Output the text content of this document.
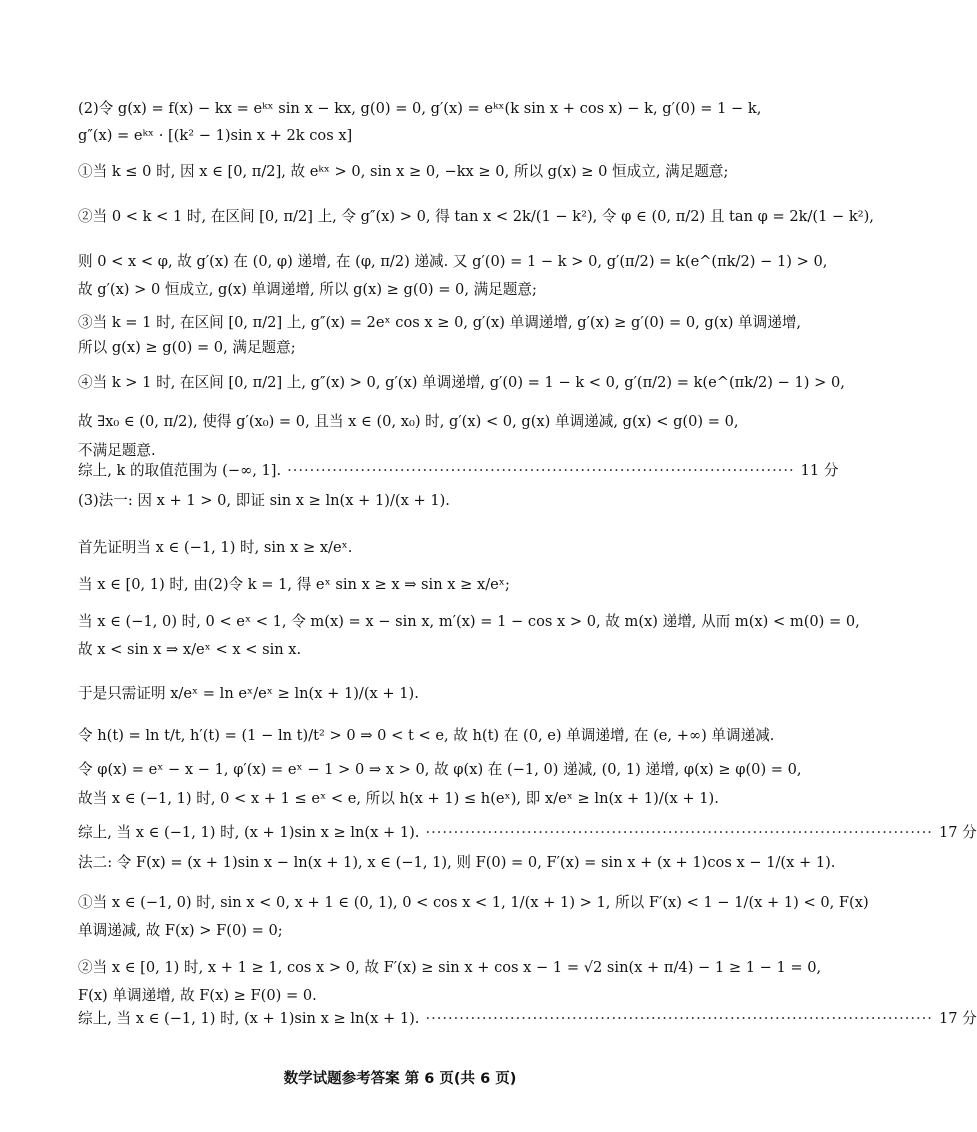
(2)令 g(x) = f(x) − kx = eᵏˣ sin x − kx, g(0) = 0, g′(x) = eᵏˣ(k sin x + cos x) − k, g′(0) = 1 − k,
g″(x) = eᵏˣ · [(k² − 1)sin x + 2k cos x]
①当 k ≤ 0 时, 因 x ∈ [0, π/2], 故 eᵏˣ > 0, sin x ≥ 0, −kx ≥ 0, 所以 g(x) ≥ 0 恒成立, 满足题意;
②当 0 < k < 1 时, 在区间 [0, π/2] 上, 令 g″(x) > 0, 得 tan x < 2k/(1 − k²), 令 φ ∈ (0, π/2) 且 tan φ = 2k/(1 − k²),
则 0 < x < φ, 故 g′(x) 在 (0, φ) 递增, 在 (φ, π/2) 递减. 又 g′(0) = 1 − k > 0, g′(π/2) = k(e^(πk/2) − 1) > 0,
故 g′(x) > 0 恒成立, g(x) 单调递增, 所以 g(x) ≥ g(0) = 0, 满足题意;
③当 k = 1 时, 在区间 [0, π/2] 上, g″(x) = 2eˣ cos x ≥ 0, g′(x) 单调递增, g′(x) ≥ g′(0) = 0, g(x) 单调递增,
所以 g(x) ≥ g(0) = 0, 满足题意;
④当 k > 1 时, 在区间 [0, π/2] 上, g″(x) > 0, g′(x) 单调递增, g′(0) = 1 − k < 0, g′(π/2) = k(e^(πk/2) − 1) > 0,
故 ∃x₀ ∈ (0, π/2), 使得 g′(x₀) = 0, 且当 x ∈ (0, x₀) 时, g′(x) < 0, g(x) 单调递减, g(x) < g(0) = 0,
不满足题意.
综上, k 的取值范围为 (−∞, 1]. ·························································································· 11 分
(3)法一: 因 x + 1 > 0, 即证 sin x ≥ ln(x + 1)/(x + 1).
首先证明当 x ∈ (−1, 1) 时, sin x ≥ x/eˣ.
当 x ∈ [0, 1) 时, 由(2)令 k = 1, 得 eˣ sin x ≥ x ⇒ sin x ≥ x/eˣ;
当 x ∈ (−1, 0) 时, 0 < eˣ < 1, 令 m(x) = x − sin x, m′(x) = 1 − cos x > 0, 故 m(x) 递增, 从而 m(x) < m(0) = 0,
故 x < sin x ⇒ x/eˣ < x < sin x.
于是只需证明 x/eˣ = ln eˣ/eˣ ≥ ln(x + 1)/(x + 1).
令 h(t) = ln t/t, h′(t) = (1 − ln t)/t² > 0 ⇒ 0 < t < e, 故 h(t) 在 (0, e) 单调递增, 在 (e, +∞) 单调递减.
令 φ(x) = eˣ − x − 1, φ′(x) = eˣ − 1 > 0 ⇒ x > 0, 故 φ(x) 在 (−1, 0) 递减, (0, 1) 递增, φ(x) ≥ φ(0) = 0,
故当 x ∈ (−1, 1) 时, 0 < x + 1 ≤ eˣ < e, 所以 h(x + 1) ≤ h(eˣ), 即 x/eˣ ≥ ln(x + 1)/(x + 1).
综上, 当 x ∈ (−1, 1) 时, (x + 1)sin x ≥ ln(x + 1). ·························································································· 17 分
法二: 令 F(x) = (x + 1)sin x − ln(x + 1), x ∈ (−1, 1), 则 F(0) = 0, F′(x) = sin x + (x + 1)cos x − 1/(x + 1).
①当 x ∈ (−1, 0) 时, sin x < 0, x + 1 ∈ (0, 1), 0 < cos x < 1, 1/(x + 1) > 1, 所以 F′(x) < 1 − 1/(x + 1) < 0, F(x)
单调递减, 故 F(x) > F(0) = 0;
②当 x ∈ [0, 1) 时, x + 1 ≥ 1, cos x > 0, 故 F′(x) ≥ sin x + cos x − 1 = √2 sin(x + π/4) − 1 ≥ 1 − 1 = 0,
F(x) 单调递增, 故 F(x) ≥ F(0) = 0.
综上, 当 x ∈ (−1, 1) 时, (x + 1)sin x ≥ ln(x + 1). ·························································································· 17 分
数学试题参考答案 第 6 页(共 6 页)
